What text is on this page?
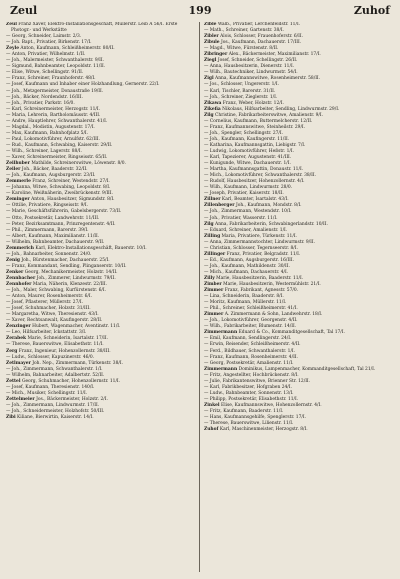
Zeul	199	Zuhof
Zeul Franz Xaver, Elektro-Installationsgeschäft, Müllerstr. Leib A 56/I. Erste Photogr.- und Werkstätte
— Georg, Schneider, Laimstr. 2/3.
— Joh. Bapt., Privatier, Birkenstr. 17/I.
Zeyle Anton, Kaufmann, Schleißheimerstr. 80/II.
— Anton, Privatier, Wilhelmstr. 1/II.
— Joh., Malermeister, Schwanthalerstr. 9/II.
— Sigmund, Bahnbeamter, Leopoldstr. 11/II.
— Elise, Witwe, Schellingstr. 91/II.
— Franz, Schreiner, Fraunhoferstr. 48/I.
— Josef, Kaufmann und Inhaber einer Holzhandlung, Gernerstr. 22/I.
— Joh., Metzgermeister, Donaustraße 19/II.
— Joh., Bäcker, Nordendstr. 16/III.
— Joh., Privatier, Parkstr. 16/0.
— Karl, Schreinermeister, Herzogstr. 11/I.
— Maria, Lehrerin, Bartholomäusstr. 4/III.
— Andre, Hauptlehrer, Schwanthalerstr. 41/I.
— Magdal., Modistin, Augustenstr. 17/I.
— Max, Kaufmann, Bahnhofplatz 5/I.
— Paul, Lokomotivführer, Arnulfstr. 62/III.
— Rud., Kaufmann, Schwabing, Kaiserstr. 29/II.
— Wilh., Schreiner, Lagerstr. 88/I.
— Xaver, Schreinermeister, Ringseisstr. 65/II.
Zeilhuber Mathilde, Schreinerswitwe, Löwenstr. 8/0.
Zeiler Joh., Bäcker, Baaderstr. 32/II.
— Joh., Kaufmann, Augsburgerstr. 23/II.
Zemmerle Franz, Schreiner, Westendstr. 27/I.
— Johanna, Witwe, Schwabing, Leopoldstr. 8/I.
— Karoline, Weißnäherin, Zweibrückenstr. 9/III.
Zeminger Anton, Hausbesitzer, Sigmundstr. 8/I.
— Ottilie, Privatiere, Ringseisstr. 9/I.
— Marie, Geschäftsführerin, Gabelsbergerstr. 73/II.
— Otto, Postsekretär, Landwehrstr. 11/III.
— Peter, Bezirksamtmann, Prinzregentenstr. 4/II.
— Phil., Zimmermann, Barerstr. 39/I.
— Albert, Kaufmann, Maximilianstr. 11/II.
— Wilhelm, Bahnbeamter, Dachauerstr. 9/II.
Zemmerich Karl, Elektro-Installationsgeschäft, Bauerstr. 10/I.
— Joh., Bahnarbeiter, Sonnenstr. 24/0.
Zenig Joh., Bürstenmacher, Dachauerstr. 25/I.
— Franz, Kommandant, Sendling, Plinganserstr. 10/II.
Zenker Georg, Mechanikermeister, Holzstr. 14/II.
Zennbacher Joh., Zimmerer, Lindwurmstr. 79/II.
Zennhofer Maria, Näherin, Klenzestr. 22/III.
— Joh., Maler, Schwabing, Kurfürstenstr. 6/I.
— Anton, Maurer, Rosenheimerstr. 6/I.
— Josef, Pflasterer, Müllerstr. 27/I.
— Josef, Schuhmacher, Holzstr. 31/III.
— Margaretha, Witwe, Theresienstr. 43/I.
— Xaver, Rechtsanwalt, Kaufingerstr. 28/II.
Zenzinger Hubert, Wagenmacher, Aventinstr. 11/I.
— Leo, Hilfsarbeiter, Ickstattstr. 3/I.
Zerabek Marie, Schneiderin, Isartalstr. 17/II.
— Therese, Bauerswitwe, Elisabethstr. 11/I.
Zerg Franz, Ingenieur, Hohenzollernstr. 38/III.
— Ludw., Schlosser, Kapuzinerstr. 46/0.
Zetlmayer Joh. Nep., Zimmermann, Türkenstr. 38/I.
— Joh., Zimmermann, Schwanthalerstr. 1/I.
— Wilhelm, Bahnarbeiter, Adalbertstr. 52/II.
Zettel Georg, Schuhmacher, Hohenzollernstr. 11/I.
— Josef, Kaufmann, Theresienstr. 140/I.
— Mich., Musiker, Schellingstr. 11/I.
Zettelmeier Jos., Bäckermeister, Holzstr. 2/I.
— Joh., Zimmermann, Lindwurmstr. 17/II.
— Joh., Schneidermeister, Holzhofstr. 50/III.
Zibi Kiliane, Bierwirtin, Kaiserstr. 14/I.
Zible Walb., Privatier, Lerchenfeldstr. 11/I.
— Math., Schreiner, Gartenstr. 38/I.
Zibler Alois, Schlosser, Frauenhoferstr. 6/II.
Zibule Jos., Kaufmann, Dachauerstr. 17/III.
— Magd., Witwe, Fürstenstr. 8/II.
Zibringer Alex., Bäckermeister, Maximilianstr. 17/I.
Ziegl Josef, Schneider, Schellingstr. 26/II.
— Anna, Hausbesitzerin, Dienerstr. 11/I.
— Wilh., Bautechniker, Lindwurmstr. 54/I.
Zigl Anna, Kaufmannswitwe, Rosenheimerstr. 58/II.
— Jos., Schlosser, Ungererstr. 1/I.
— Karl, Tischler, Barerstr. 31/II.
— Joh., Schreiner, Zieglerstr. 1/I.
Zikawa Franz, Weber, Holzstr. 12/I.
Zikefia Nikolaus, Hilfsarbeiter, Sendling, Lindwurmstr. 29/I.
Zilg Christine, Fabrikarbeiterswitwe, Amalienstr. 9/I.
— Cornelius, Kaufmann, Buttermelcherstr. 12/II.
— Franz, Kaufmannswitwe, Steinheilstr. 29/I.
— Joh., Spengler, Schellingstr. 27/I.
— Joh., Kaufmann, Kaufingerstr. 11/II.
— Katharina, Kaufmannsgattin, Liebigstr. 7/I.
— Ludwig, Lokomotivführer, Heßstr. 1/I.
— Karl, Tapezierer, Augustenstr. 41/III.
— Kunigunde, Witwe, Dachauerstr. 1/I.
— Martha, Kaufmannsgattin, Donaustr. 11/I.
— Mich., Lokomotivführer, Schwanthalerstr. 38/II.
— Rudolf, Hausbesitzer, Hohenzollernstr. 4/I.
— Wilh., Kaufmann, Lindwurmstr. 28/0.
— Joseph, Privatier, Kaiserstr. 18/II.
Zillner Karl, Beamter, Isartalstr. 43/I.
Zillenberger Joh., Kaufmann, Mondstr. 8/I.
— Joh., Zimmermann, Westendstr. 10/I.
— Joh., Privatier, Wasserstr. 11/I.
Zilg Anna, Fabrikarbeiterin, Schwabingerlandstr. 10/II.
— Eduard, Schreiner, Amalienstr. 1/I.
Zilling Maria, Privatiere, Türkenstr. 11/I.
— Anna, Zimmermannstochter, Lindwurmstr. 9/II.
— Christian, Schlosser, Tegernseerstr. 8/I.
Zillinger Franz, Privatier, Belgradstr. 11/I.
— Ed., Kaufmann, Augsburgerstr. 16/III.
— Joh., Kaufmann, Mathildenstr. 30/II.
— Mich., Kaufmann, Dachauerstr. 4/I.
Zilly Marie, Hausbesitzerin, Baaderstr. 11/I.
Zimber Marie, Hausbesitzerin, Westermühlstr. 21/I.
Zimmer Franz, Fabrikant, Agnesstr. 57/0.
— Lina, Schneiderin, Baaderstr. 8/I.
— Moritz, Kaufmann, Müllerstr. 11/I.
— Phil., Schreiner, Schleißheimerstr. 41/I.
Zimmer A. Zimmermann & Sohn, Landwehrstr. 18/I.
— Joh., Lokomotivführer, Georgenstr. 4/II.
— Wilh., Fabrikarbeiter, Blumenstr. 14/II.
Zimmermann Eduard & Co., Kommanditgesellschaft, Tal 17/I.
— Emil, Kaufmann, Sendlingerstr. 24/I.
— Erwin, Reisender, Schleißheimerstr. 4/II.
— Ferd., Bildhauer, Schwanthalerstr. 1/I.
— Franz, Kaufmann, Rosenheimerstr. 4/II.
— Georg, Postsekretär, Amalienstr. 11/I.
Zimmermann Dominikus, Lampenmacher, Kommanditgesellschaft, Tal 21/I.
— Fritz, Angestellter, Hochbrückenstr. 8/I.
— Julie, Fabrikantenswitwe, Brienner Str. 12/II.
— Karl, Fabrikbesitzer, Hofgraben 24/I.
— Ludw., Bahnbeamter, Sonnenstr. 13/I.
— Philipp, Postsekretär, Elisabethstr. 11/I.
Zinkel Elise, Kaufmannswitwe, Hohenzollernstr. 4/I.
— Fritz, Kaufmann, Baaderstr. 11/I.
— Hans, Kaufmannsgehilfe, Spenglerstr. 17/I.
— Therese, Bauerswitwe, Lilienstr. 11/I.
Zuhof Karl, Maschinenmeister, Herzogstr. 8/I.
